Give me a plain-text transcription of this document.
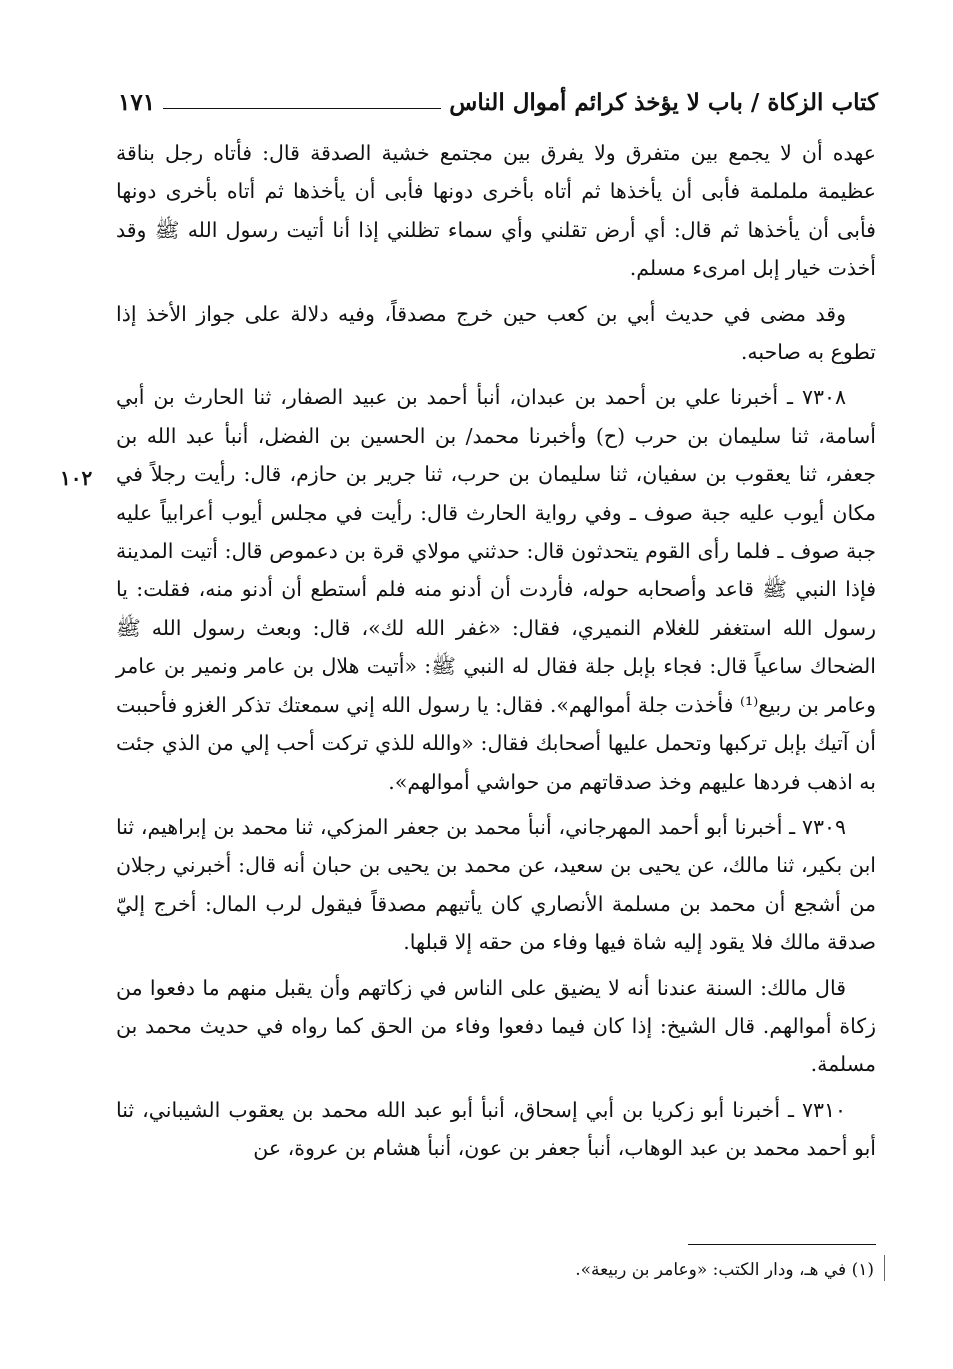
كتاب الزكاة / باب لا يؤخذ كرائم أموال الناس
١٧١
١٠٢

عهده أن لا يجمع بين متفرق ولا يفرق بين مجتمع خشية الصدقة قال: فأتاه رجل بناقة عظيمة ململمة فأبى أن يأخذها ثم أتاه بأخرى دونها فأبى أن يأخذها ثم أتاه بأخرى دونها فأبى أن يأخذها ثم قال: أي أرض تقلني وأي سماء تظلني إذا أنا أتيت رسول الله ﷺ وقد أخذت خيار إبل امرىء مسلم.

وقد مضى في حديث أبي بن كعب حين خرج مصدقاً، وفيه دلالة على جواز الأخذ إذا تطوع به صاحبه.

٧٣٠٨ ـ أخبرنا علي بن أحمد بن عبدان، أنبأ أحمد بن عبيد الصفار، ثنا الحارث بن أبي أسامة، ثنا سليمان بن حرب (ح) وأخبرنا محمد/ بن الحسين بن الفضل، أنبأ عبد الله بن جعفر، ثنا يعقوب بن سفيان، ثنا سليمان بن حرب، ثنا جرير بن حازم، قال: رأيت رجلاً في مكان أيوب عليه جبة صوف ـ وفي رواية الحارث قال: رأيت في مجلس أيوب أعرابياً عليه جبة صوف ـ فلما رأى القوم يتحدثون قال: حدثني مولاي قرة بن دعموص قال: أتيت المدينة فإذا النبي ﷺ قاعد وأصحابه حوله، فأردت أن أدنو منه فلم أستطع أن أدنو منه، فقلت: يا رسول الله استغفر للغلام النميري، فقال: «غفر الله لك»، قال: وبعث رسول الله ﷺ الضحاك ساعياً قال: فجاء بإبل جلة فقال له النبي ﷺ: «أتيت هلال بن عامر ونمير بن عامر وعامر بن ربيع⁽¹⁾ فأخذت جلة أموالهم». فقال: يا رسول الله إني سمعتك تذكر الغزو فأحببت أن آتيك بإبل تركبها وتحمل عليها أصحابك فقال: «والله للذي تركت أحب إلي من الذي جئت به اذهب فردها عليهم وخذ صدقاتهم من حواشي أموالهم».

٧٣٠٩ ـ أخبرنا أبو أحمد المهرجاني، أنبأ محمد بن جعفر المزكي، ثنا محمد بن إبراهيم، ثنا ابن بكير، ثنا مالك، عن يحيى بن سعيد، عن محمد بن يحيى بن حبان أنه قال: أخبرني رجلان من أشجع أن محمد بن مسلمة الأنصاري كان يأتيهم مصدقاً فيقول لرب المال: أخرج إليّ صدقة مالك فلا يقود إليه شاة فيها وفاء من حقه إلا قبلها.

قال مالك: السنة عندنا أنه لا يضيق على الناس في زكاتهم وأن يقبل منهم ما دفعوا من زكاة أموالهم. قال الشيخ: إذا كان فيما دفعوا وفاء من الحق كما رواه في حديث محمد بن مسلمة.

٧٣١٠ ـ أخبرنا أبو زكريا بن أبي إسحاق، أنبأ أبو عبد الله محمد بن يعقوب الشيباني، ثنا أبو أحمد محمد بن عبد الوهاب، أنبأ جعفر بن عون، أنبأ هشام بن عروة، عن

(١) في هـ، ودار الكتب: «وعامر بن ربيعة».
